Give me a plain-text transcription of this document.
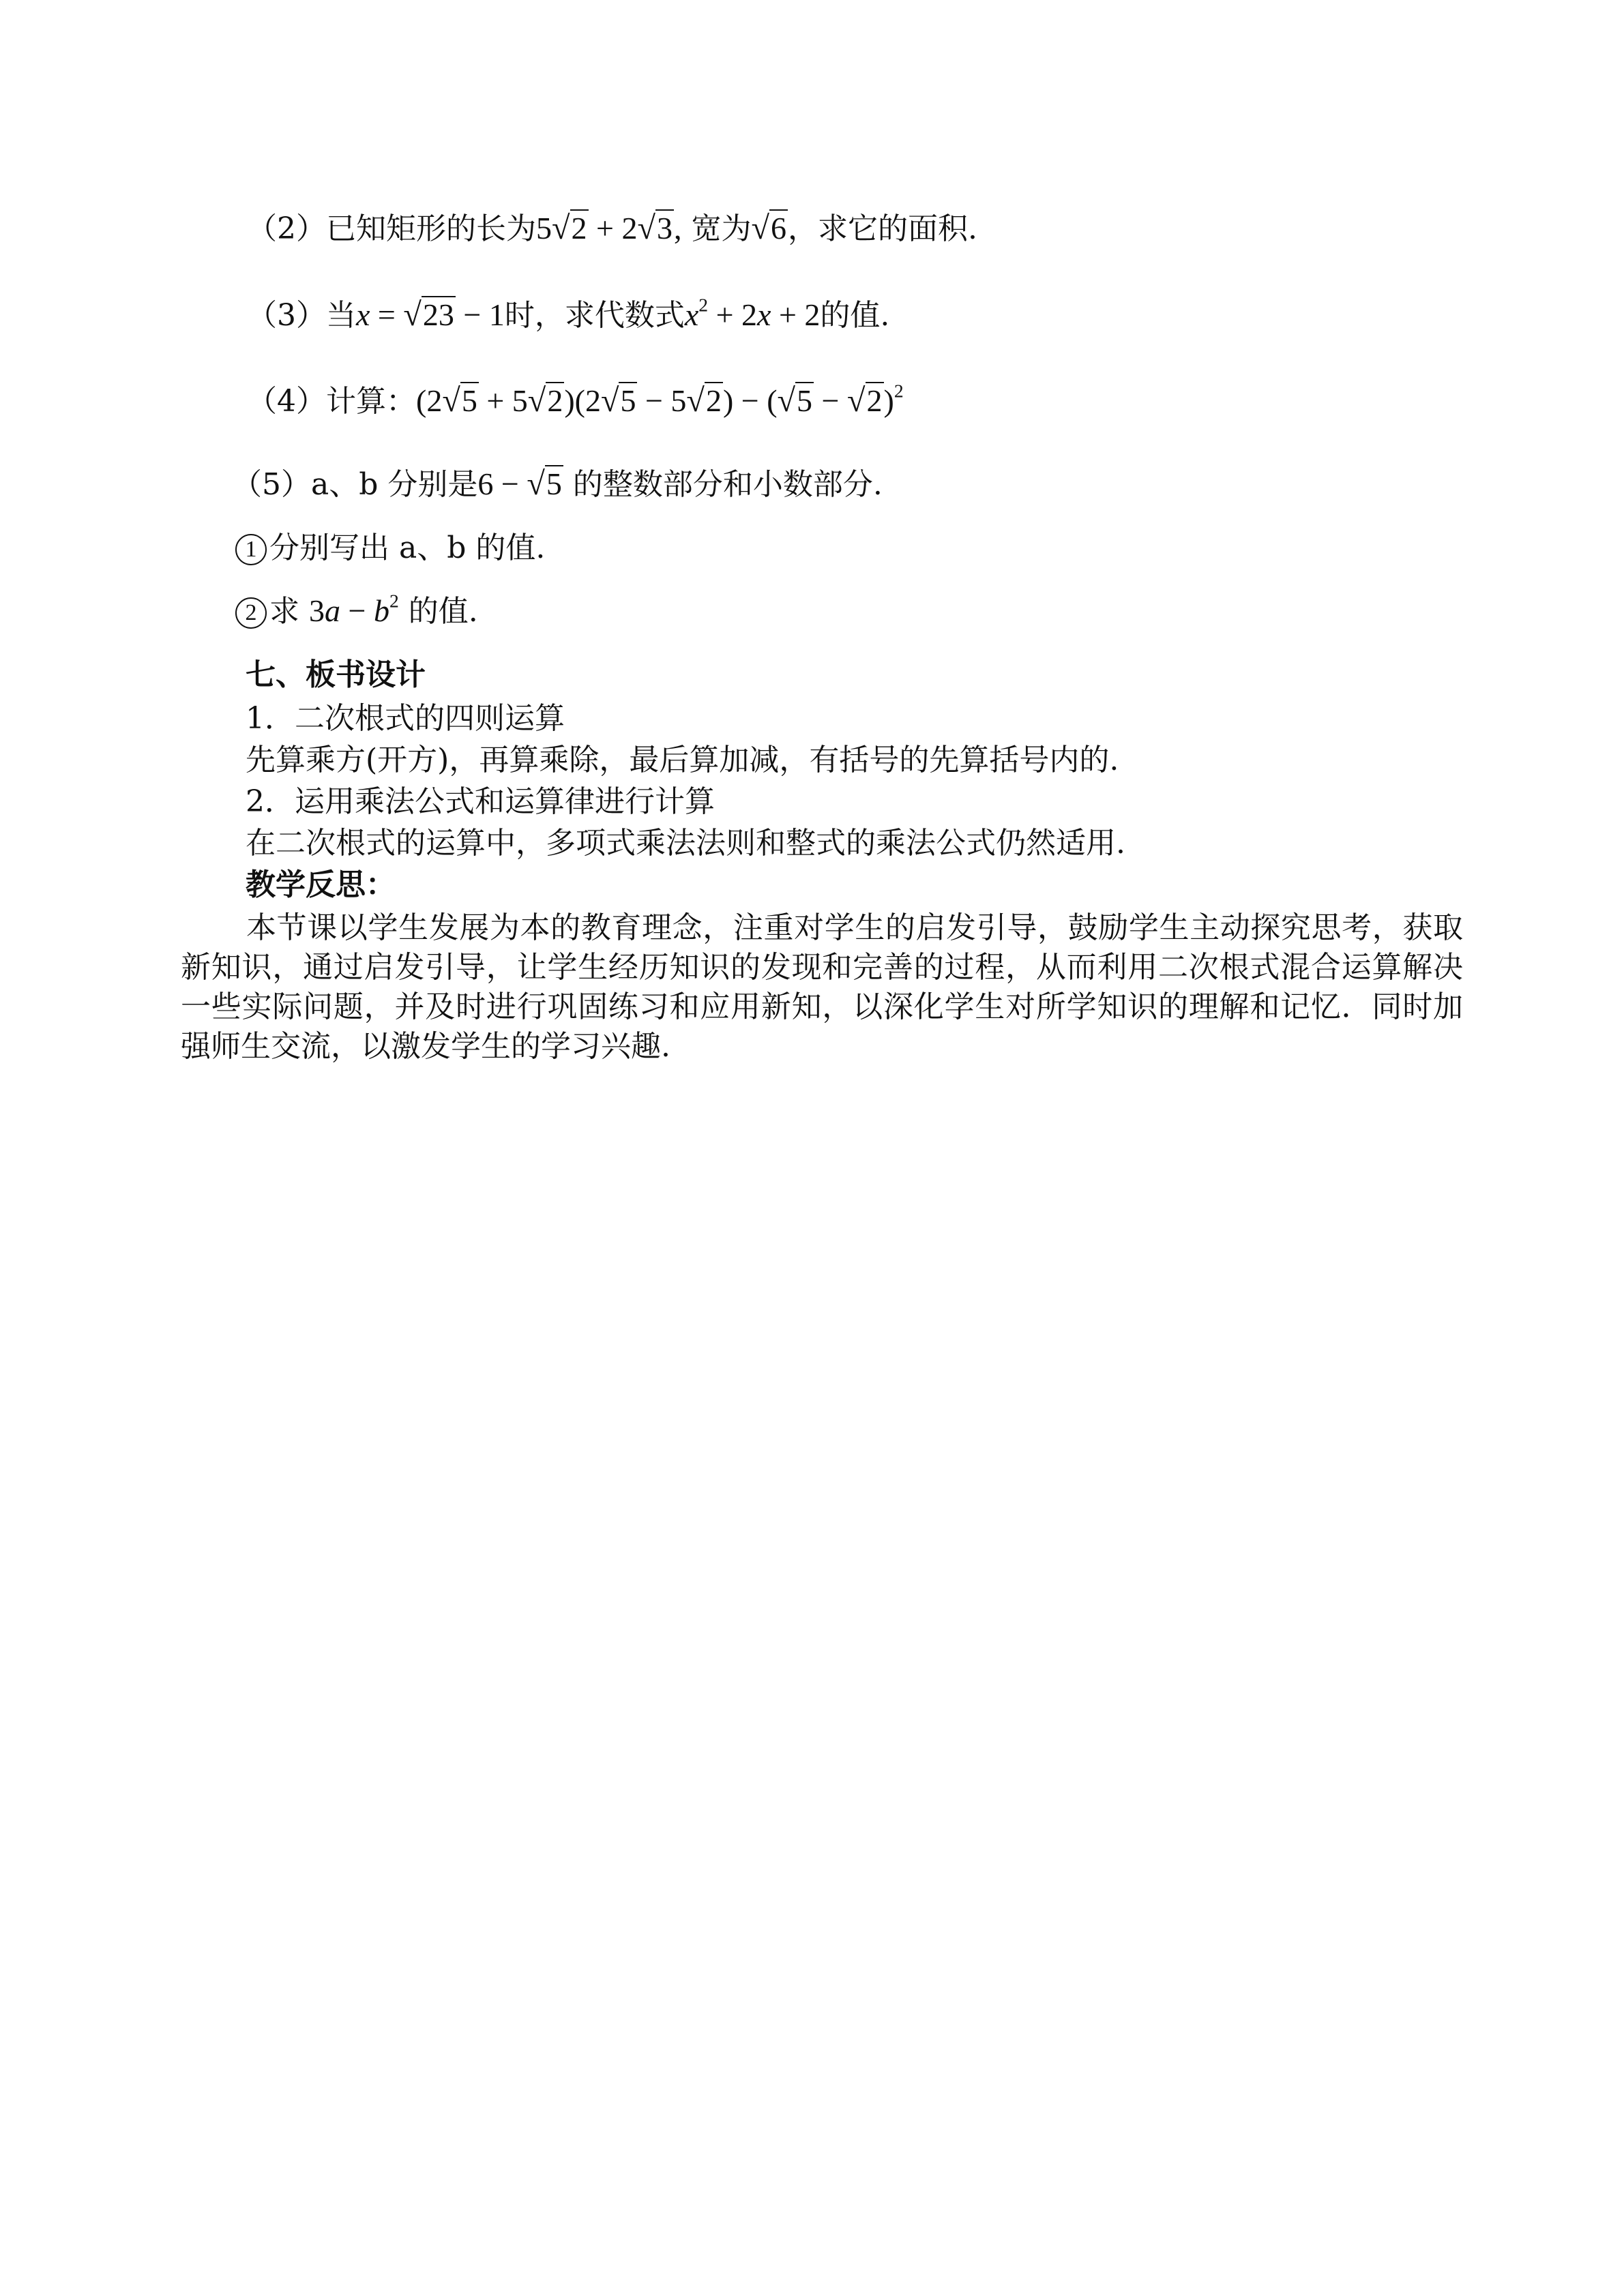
（2）已知矩形的长为5√2 + 2√3, 宽为√6，求它的面积.
（3）当x = √23 − 1时，求代数式$x^2 + 2x + 2$的值.
（4）计算：$(2√5 + 5√2)(2√5 - 5√2) - (√5 - √2)^2$
（5）a、b 分别是6 − √5 的整数部分和小数部分.
1 分别写出 a、b 的值.
2 求 $3a - b^2$ 的值.
七、板书设计
1．二次根式的四则运算
先算乘方(开方)，再算乘除，最后算加减，有括号的先算括号内的.
2．运用乘法公式和运算律进行计算
在二次根式的运算中，多项式乘法法则和整式的乘法公式仍然适用.
教学反思：
本节课以学生发展为本的教育理念，注重对学生的启发引导，鼓励学生主动探究思考，获取新知识，通过启发引导，让学生经历知识的发现和完善的过程，从而利用二次根式混合运算解决一些实际问题，并及时进行巩固练习和应用新知，以深化学生对所学知识的理解和记忆．同时加强师生交流，以激发学生的学习兴趣.
